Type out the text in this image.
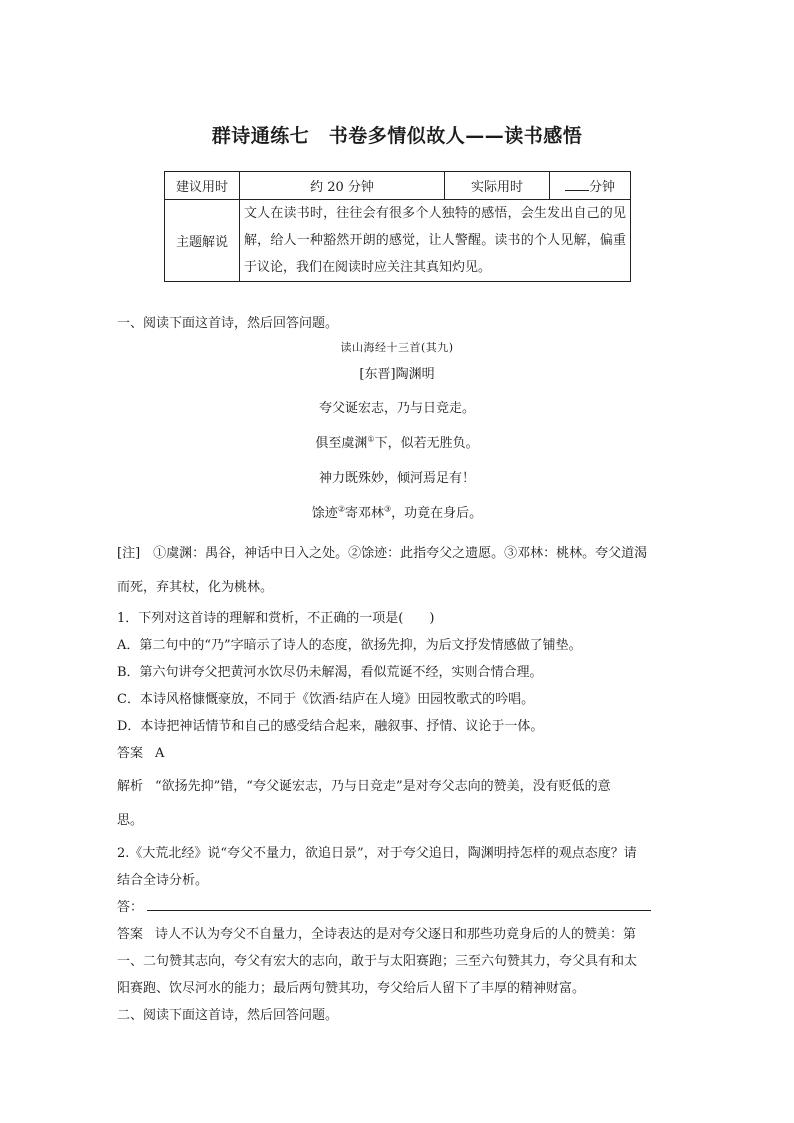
群诗通练七　书卷多情似故人——读书感悟
建议用时	约 20 分钟	实际用时	分钟
主题解说	文人在读书时，往往会有很多个人独特的感悟，会生发出自己的见解，给人一种豁然开朗的感觉，让人警醒。读书的个人见解，偏重于议论，我们在阅读时应关注其真知灼见。		
一、阅读下面这首诗，然后回答问题。
读山海经十三首(其九)
[东晋]陶渊明
夸父诞宏志，乃与日竞走。
俱至虞渊①下，似若无胜负。
神力既殊妙，倾河焉足有！
馀迹②寄邓林③，功竟在身后。
[注]　①虞渊：禺谷，神话中日入之处。②馀迹：此指夸父之遗愿。③邓林：桃林。夸父道渴
而死，弃其杖，化为桃林。
1．下列对这首诗的理解和赏析，不正确的一项是(　　)
A．第二句中的“乃”字暗示了诗人的态度，欲扬先抑，为后文抒发情感做了铺垫。
B．第六句讲夸父把黄河水饮尽仍未解渴，看似荒诞不经，实则合情合理。
C．本诗风格慷慨豪放，不同于《饮酒·结庐在人境》田园牧歌式的吟唱。
D．本诗把神话情节和自己的感受结合起来，融叙事、抒情、议论于一体。
答案 A
解析 “欲扬先抑”错，“夸父诞宏志，乃与日竞走”是对夸父志向的赞美，没有贬低的意
思。
2.《大荒北经》说“夸父不量力，欲追日景”，对于夸父追日，陶渊明持怎样的观点态度？请
结合全诗分析。
答：
答案 诗人不认为夸父不自量力，全诗表达的是对夸父逐日和那些功竟身后的人的赞美：第
一、二句赞其志向，夸父有宏大的志向，敢于与太阳赛跑；三至六句赞其力，夸父具有和太
阳赛跑、饮尽河水的能力；最后两句赞其功，夸父给后人留下了丰厚的精神财富。
二、阅读下面这首诗，然后回答问题。
